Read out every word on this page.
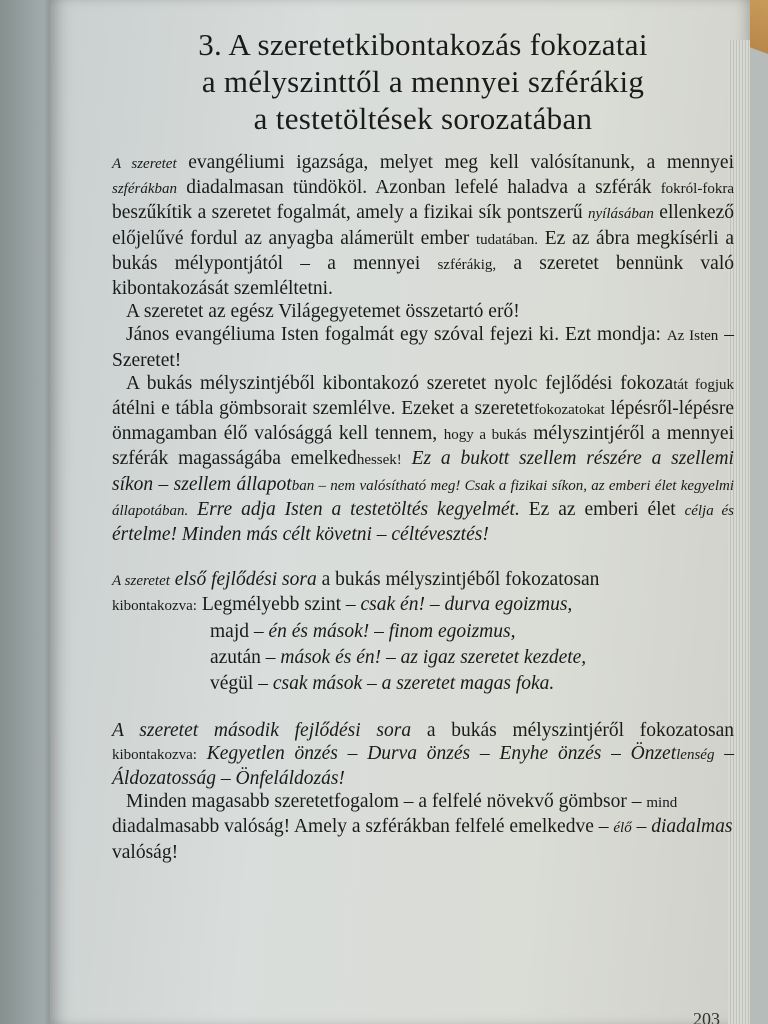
3. A szeretetkibontakozás fokozatai
a mélyszinttől a mennyei szférákig
a testetöltések sorozatában

A szeretet evangéliumi igazsága, melyet meg kell valósítanunk, a mennyei szférákban diadalmasan tündököl. Azonban lefelé haladva a szférák fokról-fokra beszűkítik a szeretet fogalmát, amely a fizikai sík pontszerű nyílásában ellenkező előjelűvé fordul az anyagba alámerült ember tudatában. Ez az ábra megkísérli a bukás mélypontjától – a mennyei szférákig, a szeretet bennünk való kibontakozását szemléltetni.

A szeretet az egész Világegyetemet összetartó erő!

János evangéliuma Isten fogalmát egy szóval fejezi ki. Ezt mondja: Az Isten – Szeretet!

A bukás mélyszintjéből kibontakozó szeretet nyolc fejlődési fokozatát fogjuk átélni e tábla gömbsorait szemlélve. Ezeket a szeretetfokozatokat lépésről-lépésre önmagamban élő valósággá kell tennem, hogy a bukás mélyszintjéről a mennyei szférák magasságába emelkedhessek! Ez a bukott szellem részére a szellemi síkon – szellem állapotban – nem valósítható meg! Csak a fizikai síkon, az emberi élet kegyelmi állapotában. Erre adja Isten a testetöltés kegyelmét. Ez az emberi élet célja és értelme! Minden más célt követni – céltévesztés!

A szeretet első fejlődési sora a bukás mélyszintjéből fokozatosan
kibontakozva: Legmélyebb szint – csak én! – durva egoizmus,

majd – én és mások! – finom egoizmus,
azután – mások és én! – az igaz szeretet kezdete,
végül – csak mások – a szeretet magas foka.

A szeretet második fejlődési sora a bukás mélyszintjéről fokozatosan kibontakozva: Kegyetlen önzés – Durva önzés – Enyhe önzés – Önzetlenség – Áldozatosság – Önfeláldozás!

Minden magasabb szeretetfogalom – a felfelé növekvő gömbsor – mind diadalmasabb valóság! Amely a szférákban felfelé emelkedve – élő – diadalmas valóság!

203
